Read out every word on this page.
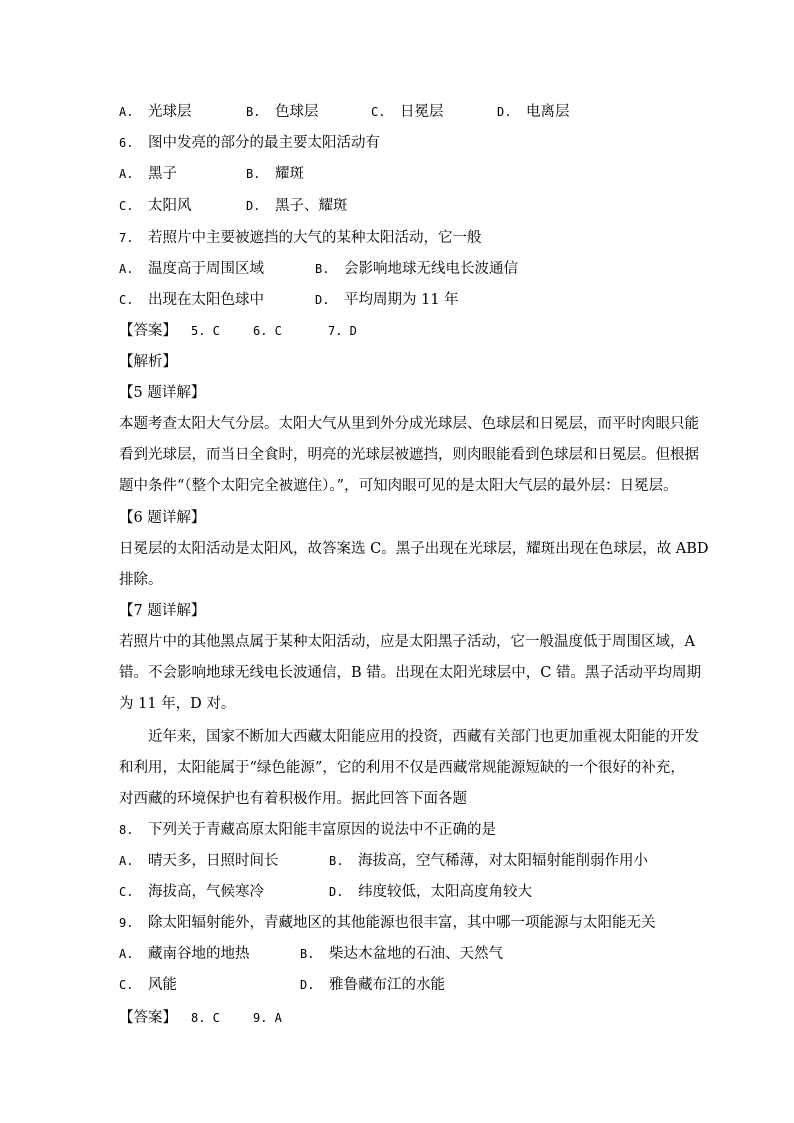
A. 光球层	B. 色球层	C. 日冕层	D. 电离层
6. 图中发亮的部分的最主要太阳活动有
A. 黑子	B. 耀斑
C. 太阳风	D. 黑子、耀斑
7. 若照片中主要被遮挡的大气的某种太阳活动，它一般
A. 温度高于周围区域	B. 会影响地球无线电长波通信
C. 出现在太阳色球中	D. 平均周期为 11 年
【答案】 5. C	6. C	7. D
【解析】
【5 题详解】
本题考查太阳大气分层。太阳大气从里到外分成光球层、色球层和日冕层，而平时肉眼只能
看到光球层，而当日全食时，明亮的光球层被遮挡，则肉眼能看到色球层和日冕层。但根据
题中条件“（整个太阳完全被遮住）。”，可知肉眼可见的是太阳大气层的最外层：日冕层。
【6 题详解】
日冕层的太阳活动是太阳风，故答案选 C。黑子出现在光球层，耀斑出现在色球层，故 ABD
排除。
【7 题详解】
若照片中的其他黑点属于某种太阳活动，应是太阳黑子活动，它一般温度低于周围区域，A
错。不会影响地球无线电长波通信，B 错。出现在太阳光球层中，C 错。黑子活动平均周期
为 11 年，D 对。
近年来，国家不断加大西藏太阳能应用的投资，西藏有关部门也更加重视太阳能的开发
和利用，太阳能属于“绿色能源”，它的利用不仅是西藏常规能源短缺的一个很好的补充，
对西藏的环境保护也有着积极作用。据此回答下面各题
8. 下列关于青藏高原太阳能丰富原因的说法中不正确的是
A. 晴天多，日照时间长	B. 海拔高，空气稀薄，对太阳辐射能削弱作用小
C. 海拔高，气候寒冷	D. 纬度较低，太阳高度角较大
9. 除太阳辐射能外，青藏地区的其他能源也很丰富，其中哪一项能源与太阳能无关
A. 藏南谷地的地热	B. 柴达木盆地的石油、天然气
C. 风能	D. 雅鲁藏布江的水能
【答案】 8. C	9. A
